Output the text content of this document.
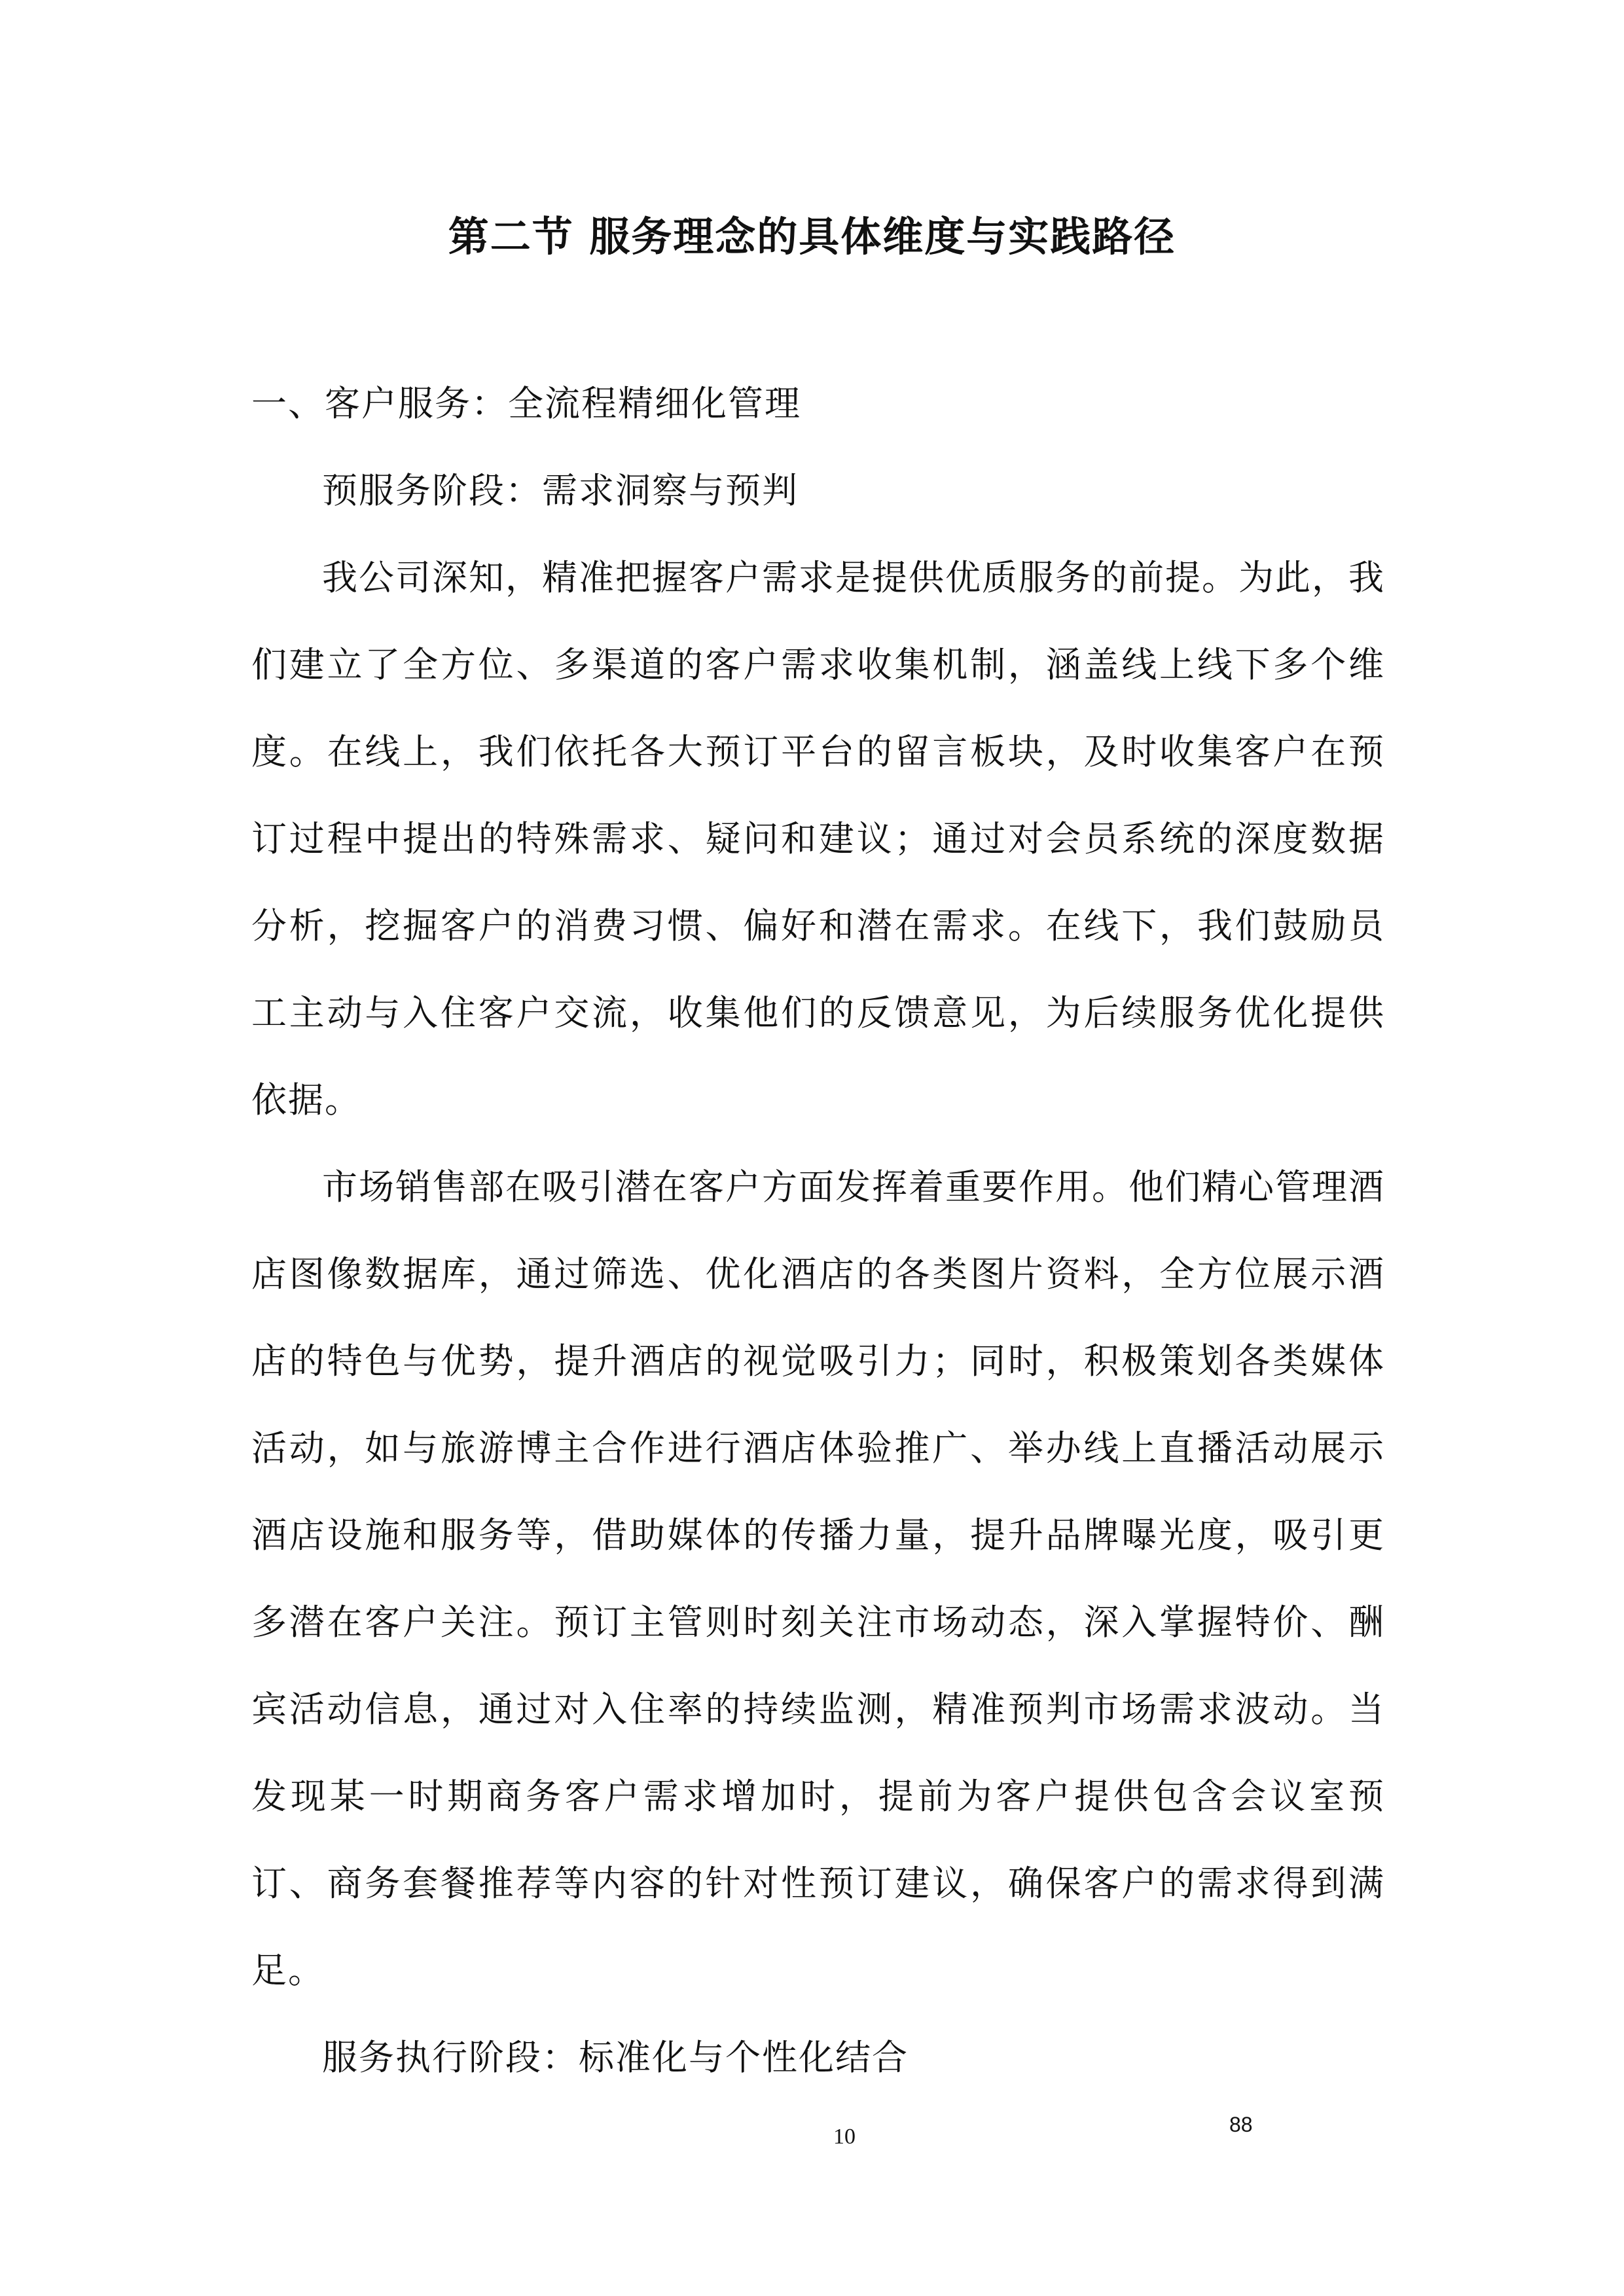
第二节 服务理念的具体维度与实践路径

一、客户服务：全流程精细化管理

预服务阶段：需求洞察与预判

我公司深知，精准把握客户需求是提供优质服务的前提。为此，我们建立了全方位、多渠道的客户需求收集机制，涵盖线上线下多个维度。在线上，我们依托各大预订平台的留言板块，及时收集客户在预订过程中提出的特殊需求、疑问和建议；通过对会员系统的深度数据分析，挖掘客户的消费习惯、偏好和潜在需求。在线下，我们鼓励员工主动与入住客户交流，收集他们的反馈意见，为后续服务优化提供依据。

市场销售部在吸引潜在客户方面发挥着重要作用。他们精心管理酒店图像数据库，通过筛选、优化酒店的各类图片资料，全方位展示酒店的特色与优势，提升酒店的视觉吸引力；同时，积极策划各类媒体活动，如与旅游博主合作进行酒店体验推广、举办线上直播活动展示酒店设施和服务等，借助媒体的传播力量，提升品牌曝光度，吸引更多潜在客户关注。预订主管则时刻关注市场动态，深入掌握特价、酬宾活动信息，通过对入住率的持续监测，精准预判市场需求波动。当发现某一时期商务客户需求增加时，提前为客户提供包含会议室预订、商务套餐推荐等内容的针对性预订建议，确保客户的需求得到满足。

服务执行阶段：标准化与个性化结合

10	88
